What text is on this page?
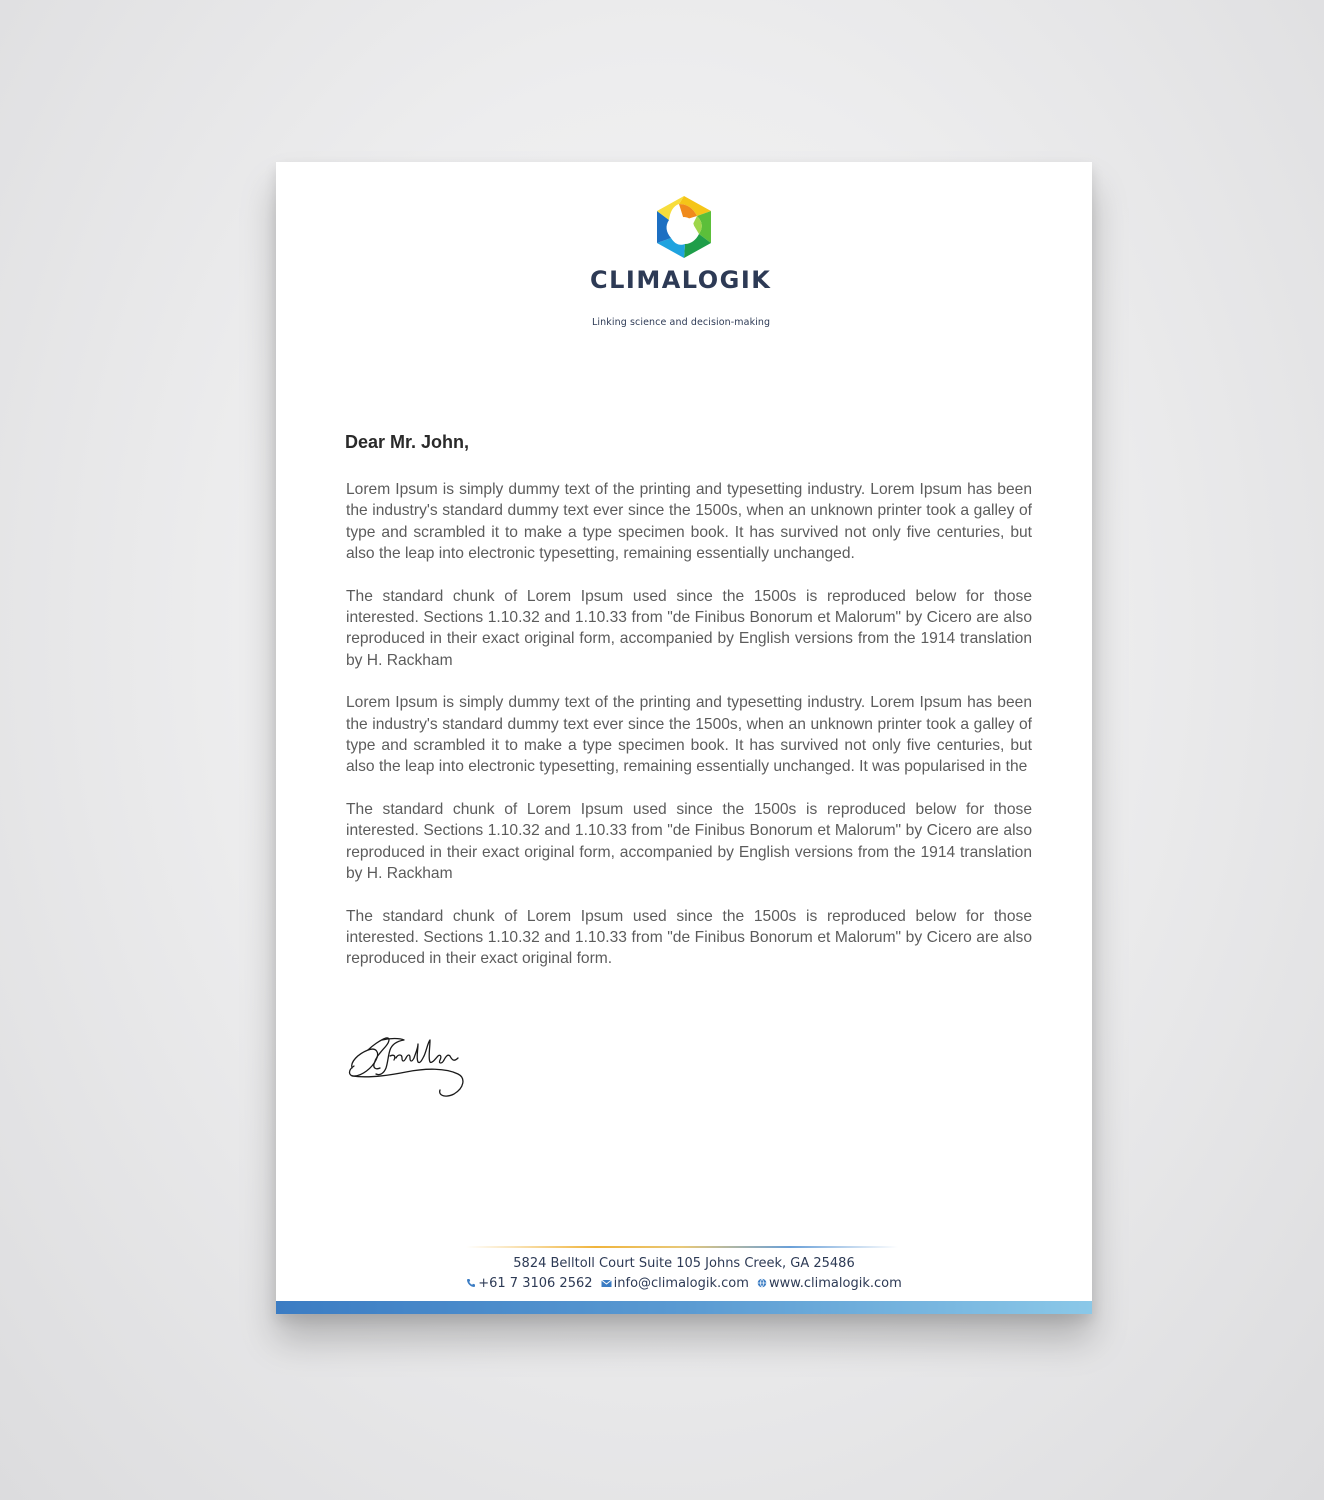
CLIMALOGIK
Linking science and decision-making
Dear Mr. John,

Lorem Ipsum is simply dummy text of the printing and typesetting industry. Lorem Ipsum has been the industry's standard dummy text ever since the 1500s, when an unknown printer took a galley of type and scrambled it to make a type specimen book. It has survived not only five centuries, but also the leap into electronic typesetting, remaining essentially unchanged.

The standard chunk of Lorem Ipsum used since the 1500s is reproduced below for those interested. Sections 1.10.32 and 1.10.33 from "de Finibus Bonorum et Malorum" by Cicero are also reproduced in their exact original form, accompanied by English versions from the 1914 translation by H. Rackham

Lorem Ipsum is simply dummy text of the printing and typesetting industry. Lorem Ipsum has been the industry's standard dummy text ever since the 1500s, when an unknown printer took a galley of type and scrambled it to make a type specimen book. It has survived not only five centuries, but also the leap into electronic typesetting, remaining essentially unchanged. It was popularised in the

The standard chunk of Lorem Ipsum used since the 1500s is reproduced below for those interested. Sections 1.10.32 and 1.10.33 from "de Finibus Bonorum et Malorum" by Cicero are also reproduced in their exact original form, accompanied by English versions from the 1914 translation by H. Rackham

The standard chunk of Lorem Ipsum used since the 1500s is reproduced below for those interested. Sections 1.10.32 and 1.10.33 from "de Finibus Bonorum et Malorum" by Cicero are also reproduced in their exact original form.

5824 Belltoll Court Suite 105 Johns Creek, GA 25486
+61 7 3106 2562 info@climalogik.com www.climalogik.com
